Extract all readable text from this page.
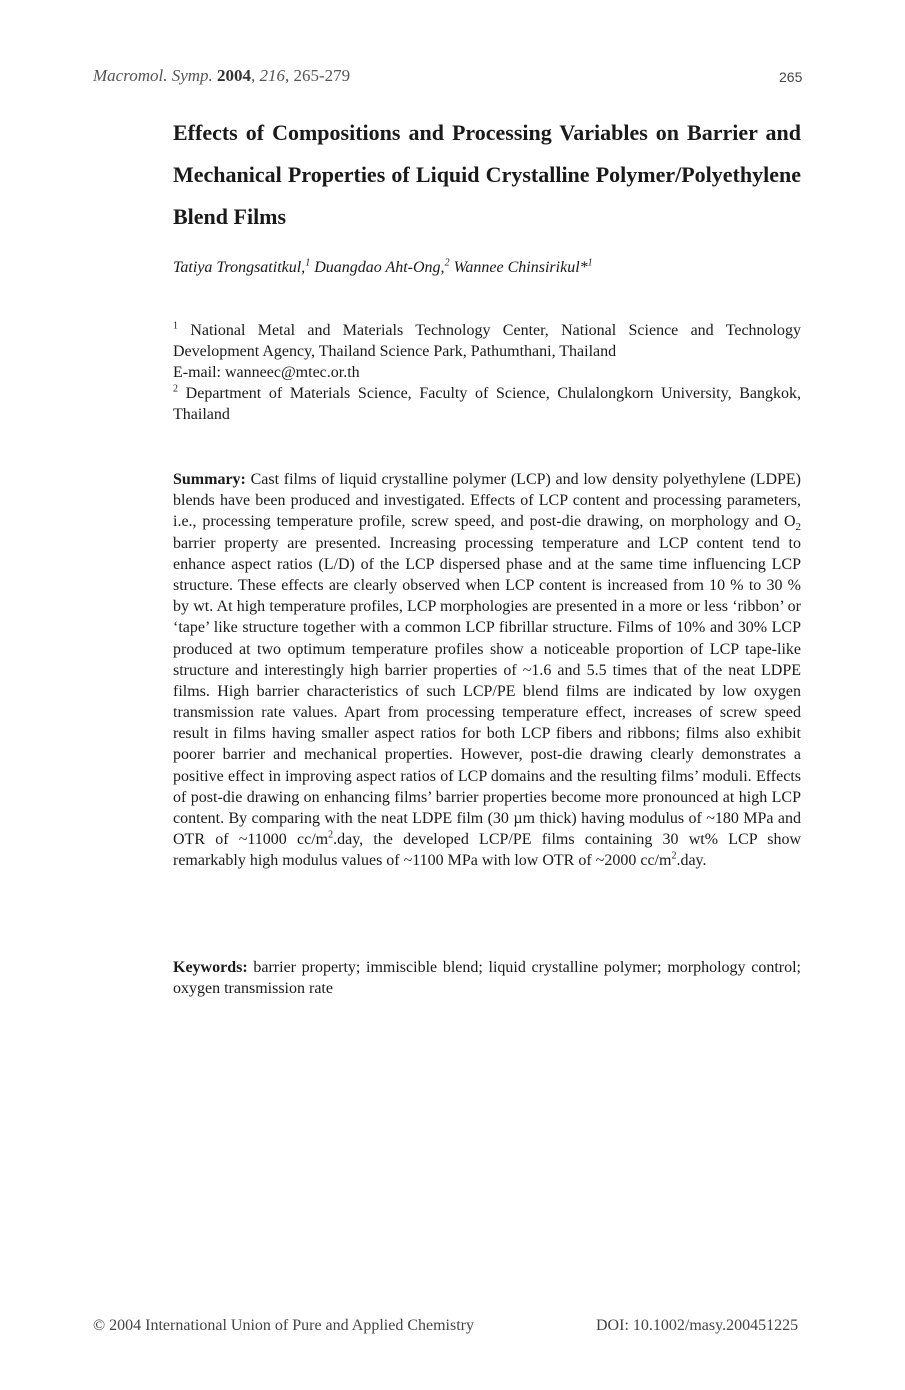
Macromol. Symp. 2004, 216, 265-279	265
Effects of Compositions and Processing Variables on Barrier and Mechanical Properties of Liquid Crystalline Polymer/Polyethylene Blend Films
Tatiya Trongsatitkul,$^1$ Duangdao Aht-Ong,$^2$ Wannee Chinsirikul*$^1$

$^1$ National Metal and Materials Technology Center, National Science and Technology Development Agency, Thailand Science Park, Pathumthani, Thailand

E-mail: wanneec@mtec.or.th

$^2$ Department of Materials Science, Faculty of Science, Chulalongkorn University, Bangkok, Thailand

Summary: Cast films of liquid crystalline polymer (LCP) and low density polyethylene (LDPE) blends have been produced and investigated. Effects of LCP content and processing parameters, i.e., processing temperature profile, screw speed, and post-die drawing, on morphology and $O_2$ barrier property are presented. Increasing processing temperature and LCP content tend to enhance aspect ratios (L/D) of the LCP dispersed phase and at the same time influencing LCP structure. These effects are clearly observed when LCP content is increased from 10 % to 30 % by wt. At high temperature profiles, LCP morphologies are presented in a more or less ‘ribbon’ or ‘tape’ like structure together with a common LCP fibrillar structure. Films of 10% and 30% LCP produced at two optimum temperature profiles show a noticeable proportion of LCP tape-like structure and interestingly high barrier properties of ~1.6 and 5.5 times that of the neat LDPE films. High barrier characteristics of such LCP/PE blend films are indicated by low oxygen transmission rate values. Apart from processing temperature effect, increases of screw speed result in films having smaller aspect ratios for both LCP fibers and ribbons; films also exhibit poorer barrier and mechanical properties. However, post-die drawing clearly demonstrates a positive effect in improving aspect ratios of LCP domains and the resulting films’ moduli. Effects of post-die drawing on enhancing films’ barrier properties become more pronounced at high LCP content. By comparing with the neat LDPE film (30 µm thick) having modulus of ~180 MPa and OTR of ~11000 $cc/m^2.day$, the developed LCP/PE films containing 30 wt% LCP show remarkably high modulus values of ~1100 MPa with low OTR of ~2000 $cc/m^2.day$.
Keywords: barrier property; immiscible blend; liquid crystalline polymer; morphology control; oxygen transmission rate
© 2004 International Union of Pure and Applied Chemistry	DOI: 10.1002/masy.200451225
